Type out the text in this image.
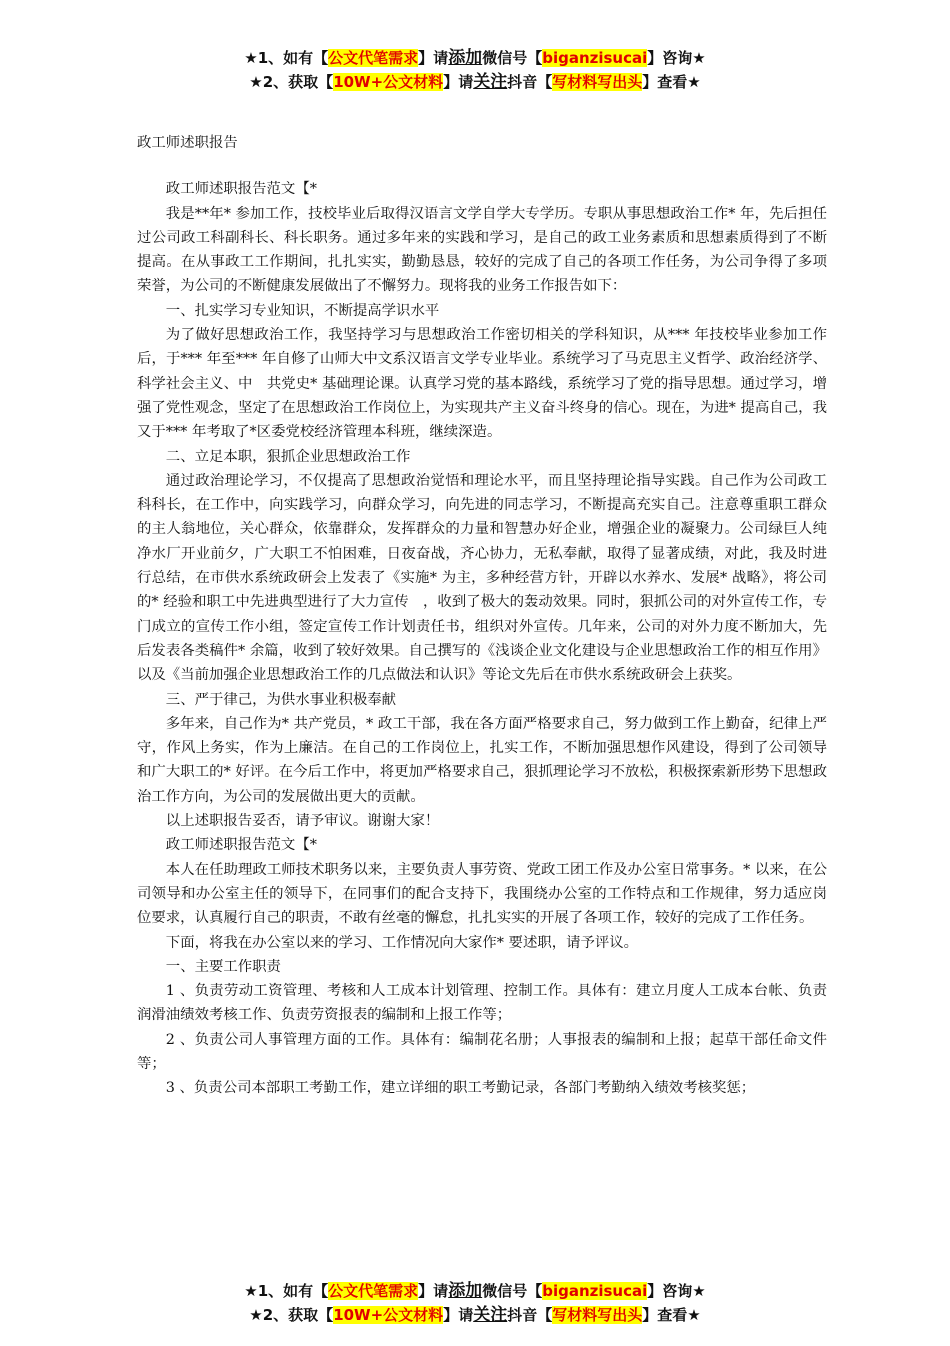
★1、如有【公文代笔需求】请添加微信号【biganzisucai】咨询★
★2、获取【10W+公文材料】请关注抖音【写材料写出头】查看★
政工师述职报告

政工师述职报告范文【*

我是**年* 参加工作，技校毕业后取得汉语言文学自学大专学历。专职从事思想政治工作* 年，先后担任过公司政工科副科长、科长职务。通过多年来的实践和学习，是自己的政工业务素质和思想素质得到了不断提高。在从事政工工作期间，扎扎实实，勤勤恳恳，较好的完成了自己的各项工作任务，为公司争得了多项荣誉，为公司的不断健康发展做出了不懈努力。现将我的业务工作报告如下：

一、扎实学习专业知识，不断提高学识水平

为了做好思想政治工作，我坚持学习与思想政治工作密切相关的学科知识，从*** 年技校毕业参加工作后，于*** 年至*** 年自修了山师大中文系汉语言文学专业毕业。系统学习了马克思主义哲学、政治经济学、科学社会主义、中　共党史* 基础理论课。认真学习党的基本路线，系统学习了党的指导思想。通过学习，增强了党性观念，坚定了在思想政治工作岗位上，为实现共产主义奋斗终身的信心。现在，为进* 提高自己，我又于*** 年考取了*区委党校经济管理本科班，继续深造。

二、立足本职，狠抓企业思想政治工作

通过政治理论学习，不仅提高了思想政治觉悟和理论水平，而且坚持理论指导实践。自己作为公司政工科科长，在工作中，向实践学习，向群众学习，向先进的同志学习，不断提高充实自己。注意尊重职工群众的主人翁地位，关心群众，依靠群众，发挥群众的力量和智慧办好企业，增强企业的凝聚力。公司绿巨人纯净水厂开业前夕，广大职工不怕困难，日夜奋战，齐心协力，无私奉献，取得了显著成绩，对此，我及时进行总结，在市供水系统政研会上发表了《实施* 为主，多种经营方针，开辟以水养水、发展* 战略》，将公司的* 经验和职工中先进典型进行了大力宣传　，收到了极大的轰动效果。同时，狠抓公司的对外宣传工作，专门成立的宣传工作小组，签定宣传工作计划责任书，组织对外宣传。几年来，公司的对外力度不断加大，先后发表各类稿件* 余篇，收到了较好效果。自己撰写的《浅谈企业文化建设与企业思想政治工作的相互作用》以及《当前加强企业思想政治工作的几点做法和认识》等论文先后在市供水系统政研会上获奖。

三、严于律己，为供水事业积极奉献

多年来，自己作为* 共产党员，* 政工干部，我在各方面严格要求自己，努力做到工作上勤奋，纪律上严守，作风上务实，作为上廉洁。在自己的工作岗位上，扎实工作，不断加强思想作风建设，得到了公司领导和广大职工的* 好评。在今后工作中，将更加严格要求自己，狠抓理论学习不放松，积极探索新形势下思想政治工作方向，为公司的发展做出更大的贡献。

以上述职报告妥否，请予审议。谢谢大家！

政工师述职报告范文【*

本人在任助理政工师技术职务以来，主要负责人事劳资、党政工团工作及办公室日常事务。* 以来，在公司领导和办公室主任的领导下，在同事们的配合支持下，我围绕办公室的工作特点和工作规律，努力适应岗位要求，认真履行自己的职责，不敢有丝毫的懈怠，扎扎实实的开展了各项工作，较好的完成了工作任务。

下面，将我在办公室以来的学习、工作情况向大家作* 要述职，请予评议。

一、主要工作职责

1 、负责劳动工资管理、考核和人工成本计划管理、控制工作。具体有：建立月度人工成本台帐、负责润滑油绩效考核工作、负责劳资报表的编制和上报工作等；

2 、负责公司人事管理方面的工作。具体有：编制花名册；人事报表的编制和上报；起草干部任命文件等；

3 、负责公司本部职工考勤工作，建立详细的职工考勤记录，各部门考勤纳入绩效考核奖惩；

★1、如有【公文代笔需求】请添加微信号【biganzisucai】咨询★
★2、获取【10W+公文材料】请关注抖音【写材料写出头】查看★
